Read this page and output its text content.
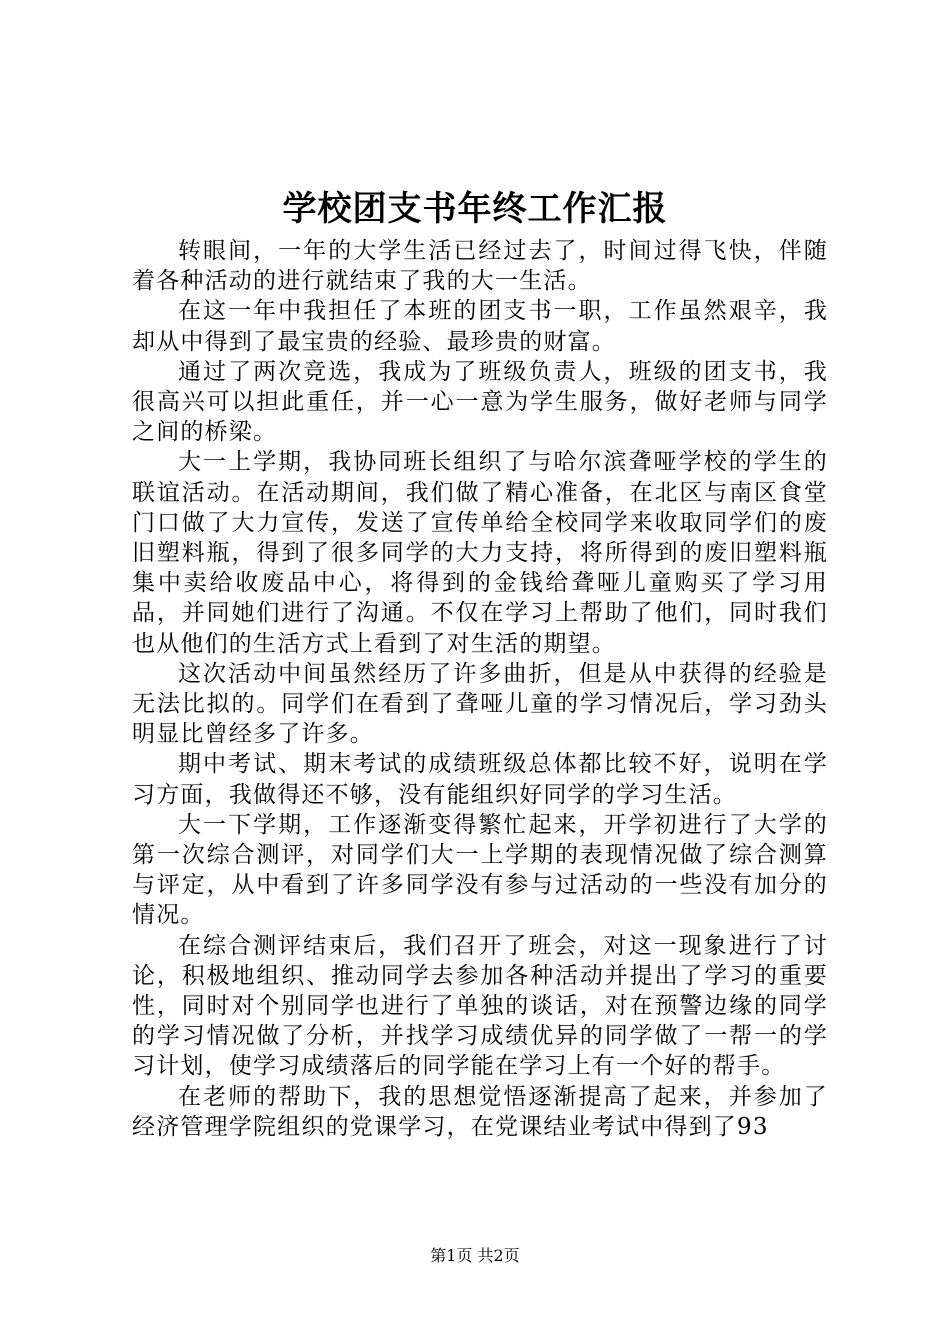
学校团支书年终工作汇报

转眼间，一年的大学生活已经过去了，时间过得飞快，伴随着各种活动的进行就结束了我的大一生活。

在这一年中我担任了本班的团支书一职，工作虽然艰辛，我却从中得到了最宝贵的经验、最珍贵的财富。

通过了两次竞选，我成为了班级负责人，班级的团支书，我很高兴可以担此重任，并一心一意为学生服务，做好老师与同学之间的桥梁。

大一上学期，我协同班长组织了与哈尔滨聋哑学校的学生的联谊活动。在活动期间，我们做了精心准备，在北区与南区食堂门口做了大力宣传，发送了宣传单给全校同学来收取同学们的废旧塑料瓶，得到了很多同学的大力支持，将所得到的废旧塑料瓶集中卖给收废品中心，将得到的金钱给聋哑儿童购买了学习用品，并同她们进行了沟通。不仅在学习上帮助了他们，同时我们也从他们的生活方式上看到了对生活的期望。

这次活动中间虽然经历了许多曲折，但是从中获得的经验是无法比拟的。同学们在看到了聋哑儿童的学习情况后，学习劲头明显比曾经多了许多。

期中考试、期末考试的成绩班级总体都比较不好，说明在学习方面，我做得还不够，没有能组织好同学的学习生活。

大一下学期，工作逐渐变得繁忙起来，开学初进行了大学的第一次综合测评，对同学们大一上学期的表现情况做了综合测算与评定，从中看到了许多同学没有参与过活动的一些没有加分的情况。

在综合测评结束后，我们召开了班会，对这一现象进行了讨论，积极地组织、推动同学去参加各种活动并提出了学习的重要性，同时对个别同学也进行了单独的谈话，对在预警边缘的同学的学习情况做了分析，并找学习成绩优异的同学做了一帮一的学习计划，使学习成绩落后的同学能在学习上有一个好的帮手。

在老师的帮助下，我的思想觉悟逐渐提高了起来，并参加了经济管理学院组织的党课学习，在党课结业考试中得到了93

第1页 共2页
